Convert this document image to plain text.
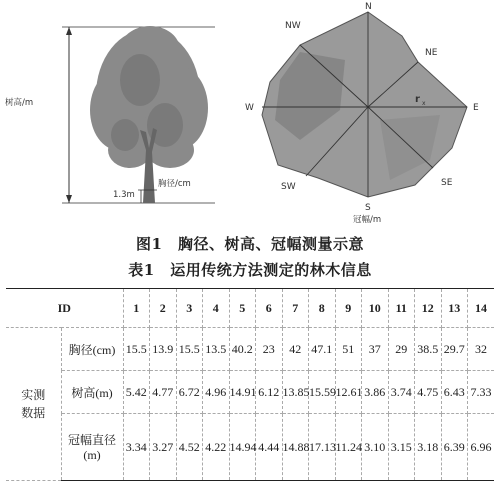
树高/m
1.3m
胸径/cm
N
NE
E
SE
S
SW
W
NW
r x
冠幅/m
图1　胸径、树高、冠幅测量示意
表1　运用传统方法测定的林木信息
ID		1	2	3	4	5	6	7	8	9	10	11	12	13	14
实测
数据	胸径(cm)	15.5	13.9	15.5	13.5	40.2	23	42	47.1	51	37	29	38.5	29.7	32
	树高(m)	5.42	4.77	6.72	4.96	14.91	6.12	13.85	15.59	12.61	3.86	3.74	4.75	6.43	7.33
	冠幅直径
(m)	3.34	3.27	4.52	4.22	14.94	4.44	14.88	17.13	11.24	3.10	3.15	3.18	6.39	6.96
